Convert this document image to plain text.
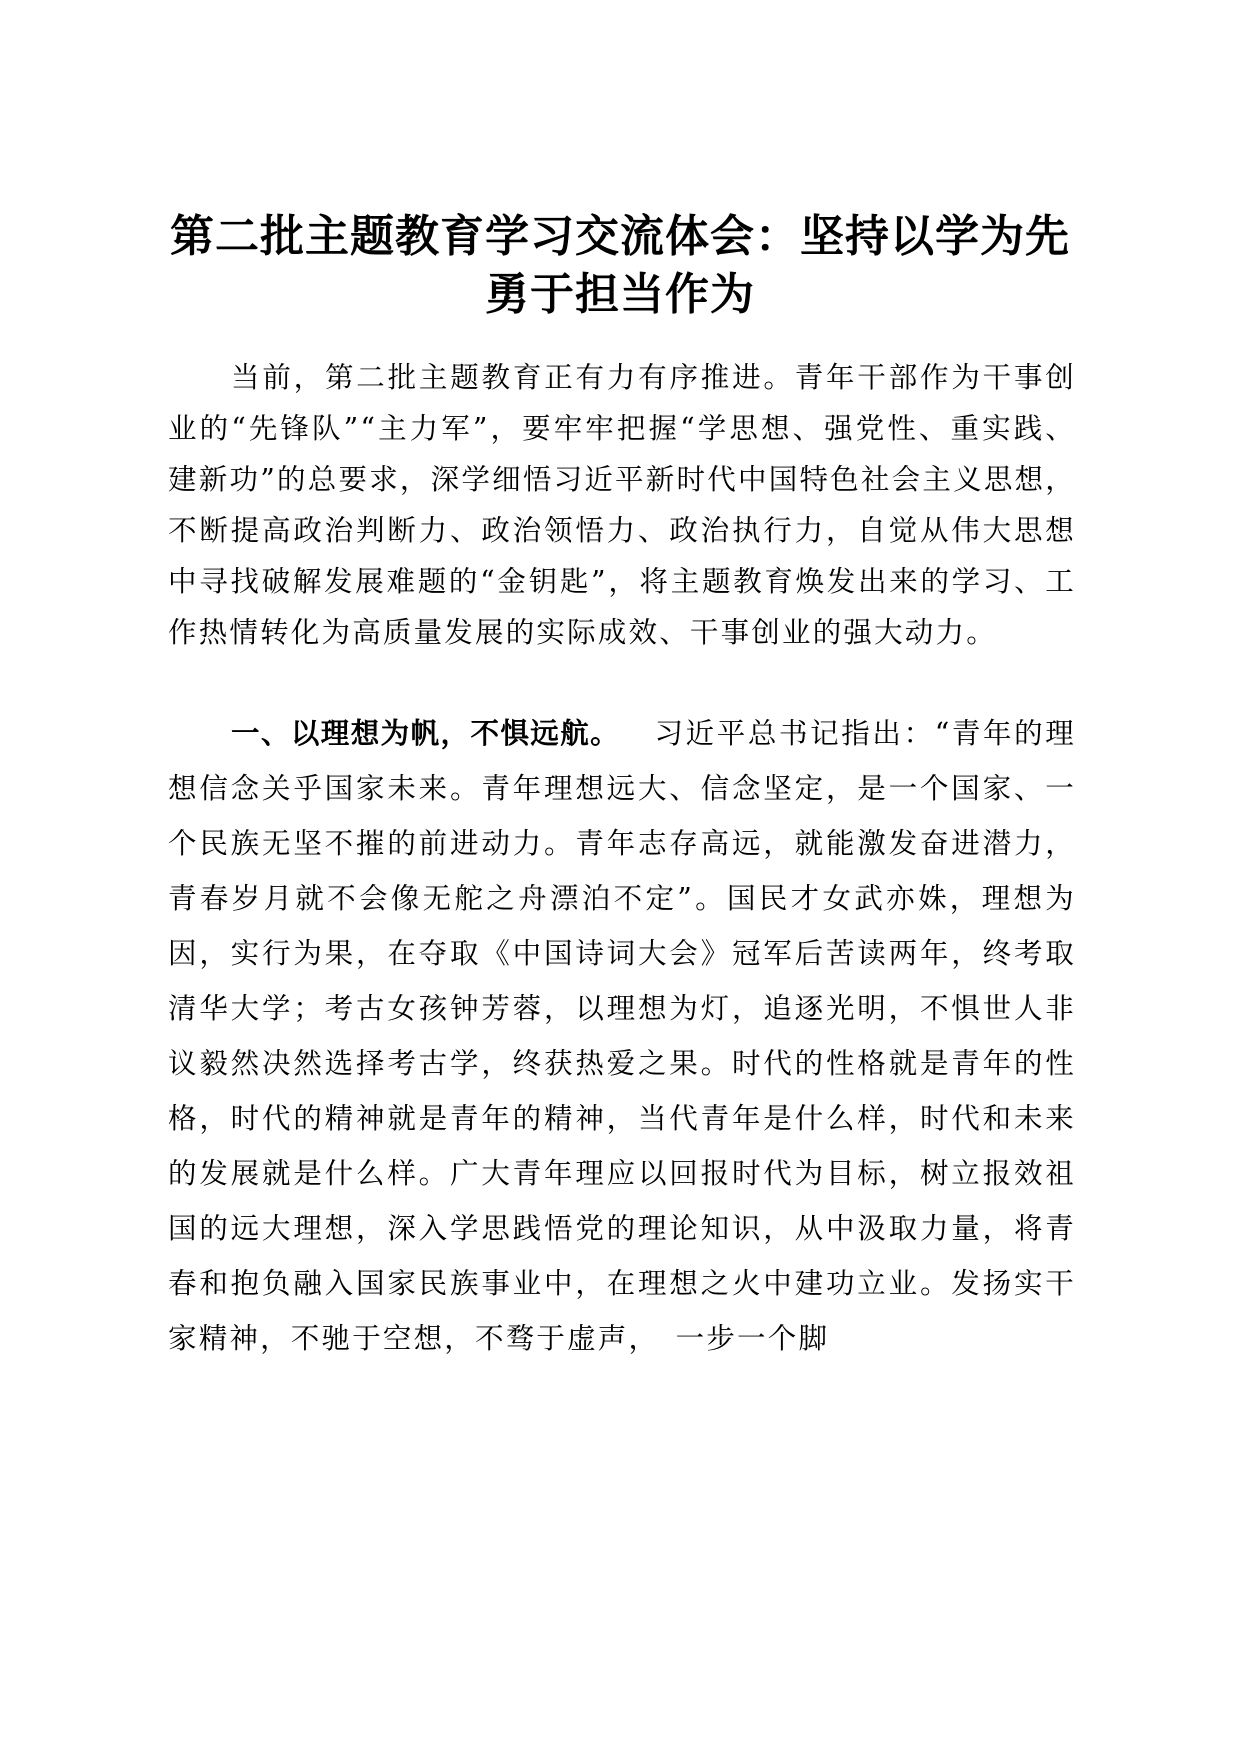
第二批主题教育学习交流体会：坚持以学为先
勇于担当作为

当前，第二批主题教育正有力有序推进。青年干部作为干事创业的“先锋队”“主力军”，要牢牢把握“学思想、强党性、重实践、建新功”的总要求，深学细悟习近平新时代中国特色社会主义思想，不断提高政治判断力、政治领悟力、政治执行力，自觉从伟大思想中寻找破解发展难题的“金钥匙”，将主题教育焕发出来的学习、工作热情转化为高质量发展的实际成效、干事创业的强大动力。

一、以理想为帆，不惧远航。 习近平总书记指出：“青年的理想信念关乎国家未来。青年理想远大、信念坚定，是一个国家、一个民族无坚不摧的前进动力。青年志存高远，就能激发奋进潜力，青春岁月就不会像无舵之舟漂泊不定”。国民才女武亦姝，理想为因，实行为果，在夺取《中国诗词大会》冠军后苦读两年，终考取清华大学；考古女孩钟芳蓉，以理想为灯，追逐光明，不惧世人非议毅然决然选择考古学，终获热爱之果。时代的性格就是青年的性格，时代的精神就是青年的精神，当代青年是什么样，时代和未来的发展就是什么样。广大青年理应以回报时代为目标，树立报效祖国的远大理想，深入学思践悟党的理论知识，从中汲取力量，将青春和抱负融入国家民族事业中，在理想之火中建功立业。发扬实干家精神，不驰于空想，不骛于虚声，　一步一个脚
